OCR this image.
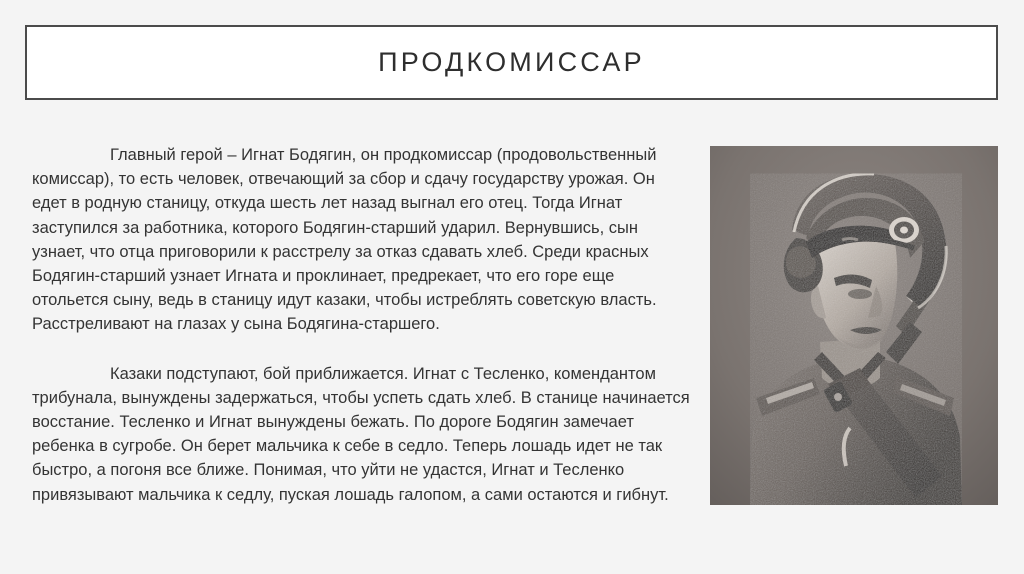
ПРОДКОМИССАР

Главный герой – Игнат Бодягин, он продкомиссар (продовольственный комиссар), то есть человек, отвечающий за сбор и сдачу государству урожая. Он едет в родную станицу, откуда шесть лет назад выгнал его отец. Тогда Игнат заступился за работника, которого Бодягин-старший ударил. Вернувшись, сын узнает, что отца приговорили к расстрелу за отказ сдавать хлеб. Среди красных Бодягин-старший узнает Игната и проклинает, предрекает, что его горе еще отольется сыну, ведь в станицу идут казаки, чтобы истреблять советскую власть. Расстреливают на глазах у сына Бодягина-старшего.

Казаки подступают, бой приближается. Игнат с Тесленко, комендантом трибунала, вынуждены задержаться, чтобы успеть сдать хлеб. В станице начинается восстание. Тесленко и Игнат вынуждены бежать. По дороге Бодягин замечает ребенка в сугробе. Он берет мальчика к себе в седло. Теперь лошадь идет не так быстро, а погоня все ближе. Понимая, что уйти не удастся, Игнат и Тесленко привязывают мальчика к седлу, пуская лошадь галопом, а сами остаются и гибнут.
